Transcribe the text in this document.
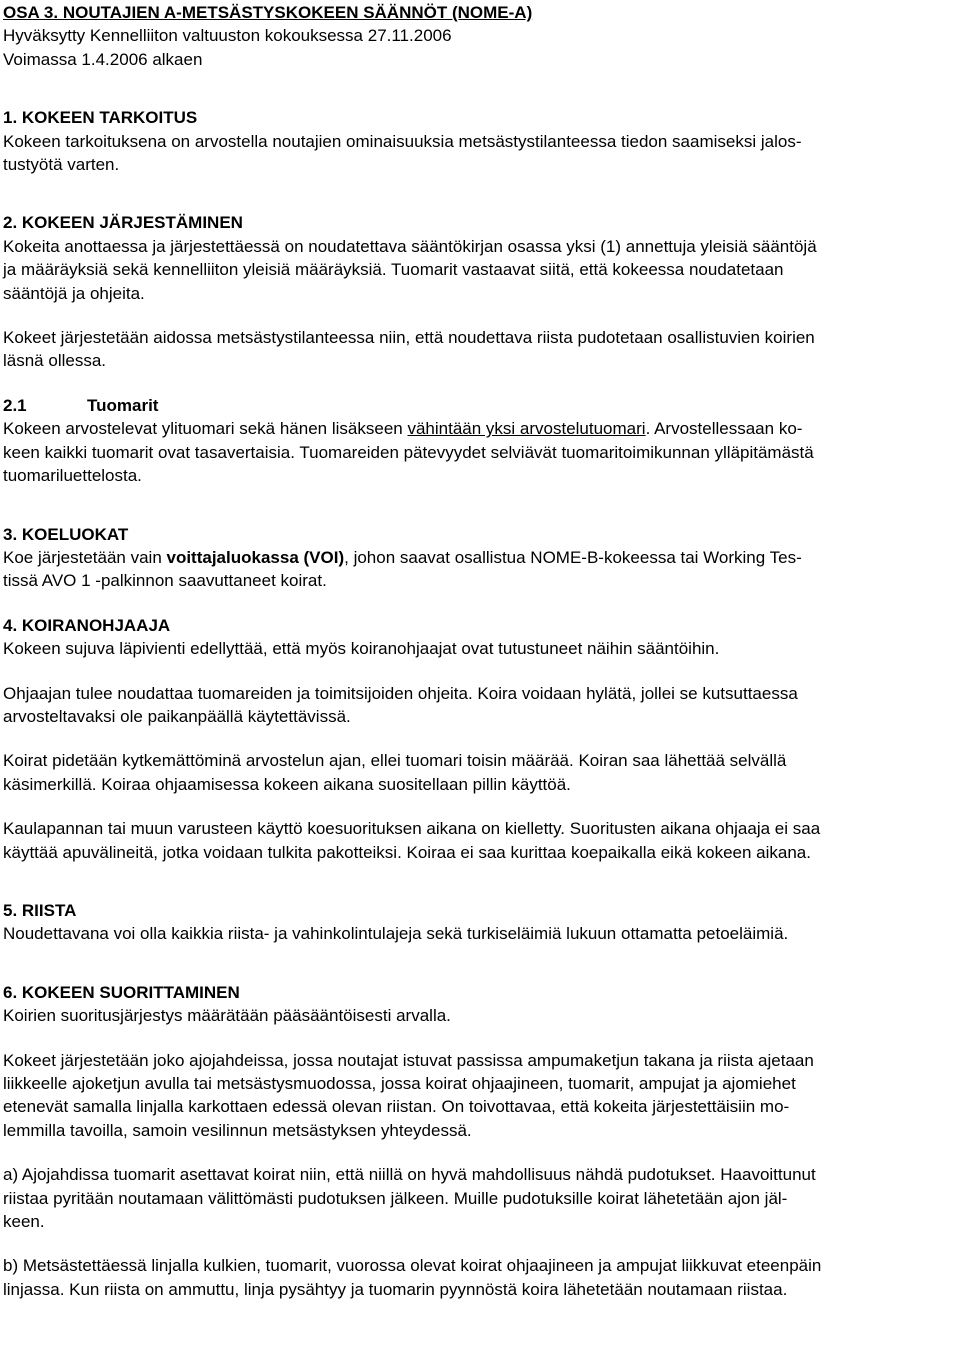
OSA 3. NOUTAJIEN A-METSÄSTYSKOKEEN SÄÄNNÖT (NOME-A)
Hyväksytty Kennelliiton valtuuston kokouksessa 27.11.2006
Voimassa 1.4.2006 alkaen
1. KOKEEN TARKOITUS
Kokeen tarkoituksena on arvostella noutajien ominaisuuksia metsästystilanteessa tiedon saamiseksi jalos-
tustyötä varten.
2. KOKEEN JÄRJESTÄMINEN
Kokeita anottaessa ja järjestettäessä on noudatettava sääntökirjan osassa yksi (1) annettuja yleisiä sääntöjä
ja määräyksiä sekä kennelliiton yleisiä määräyksiä. Tuomarit vastaavat siitä, että kokeessa noudatetaan
sääntöjä ja ohjeita.
Kokeet järjestetään aidossa metsästystilanteessa niin, että noudettava riista pudotetaan osallistuvien koirien
läsnä ollessa.
2.1	Tuomarit
Kokeen arvostelevat ylituomari sekä hänen lisäkseen vähintään yksi arvostelutuomari. Arvostellessaan ko-
keen kaikki tuomarit ovat tasavertaisia. Tuomareiden pätevyydet selviävät tuomaritoimikunnan ylläpitämästä
tuomariluettelosta.
3. KOELUOKAT
Koe järjestetään vain voittajaluokassa (VOI), johon saavat osallistua NOME-B-kokeessa tai Working Tes-
tissä AVO 1 -palkinnon saavuttaneet koirat.
4. KOIRANOHJAAJA
Kokeen sujuva läpivienti edellyttää, että myös koiranohjaajat ovat tutustuneet näihin sääntöihin.
Ohjaajan tulee noudattaa tuomareiden ja toimitsijoiden ohjeita. Koira voidaan hylätä, jollei se kutsuttaessa
arvosteltavaksi ole paikanpäällä käytettävissä.
Koirat pidetään kytkemättöminä arvostelun ajan, ellei tuomari toisin määrää. Koiran saa lähettää selvällä
käsimerkillä. Koiraa ohjaamisessa kokeen aikana suositellaan pillin käyttöä.
Kaulapannan tai muun varusteen käyttö koesuorituksen aikana on kielletty. Suoritusten aikana ohjaaja ei saa
käyttää apuvälineitä, jotka voidaan tulkita pakotteiksi. Koiraa ei saa kurittaa koepaikalla eikä kokeen aikana.
5. RIISTA
Noudettavana voi olla kaikkia riista- ja vahinkolintulajeja sekä turkiseläimiä lukuun ottamatta petoeläimiä.
6. KOKEEN SUORITTAMINEN
Koirien suoritusjärjestys määrätään pääsääntöisesti arvalla.
Kokeet järjestetään joko ajojahdeissa, jossa noutajat istuvat passissa ampumaketjun takana ja riista ajetaan
liikkeelle ajoketjun avulla tai metsästysmuodossa, jossa koirat ohjaajineen, tuomarit, ampujat ja ajomiehet
etenevät samalla linjalla karkottaen edessä olevan riistan. On toivottavaa, että kokeita järjestettäisiin mo-
lemmilla tavoilla, samoin vesilinnun metsästyksen yhteydessä.
a) Ajojahdissa tuomarit asettavat koirat niin, että niillä on hyvä mahdollisuus nähdä pudotukset. Haavoittunut
riistaa pyritään noutamaan välittömästi pudotuksen jälkeen. Muille pudotuksille koirat lähetetään ajon jäl-
keen.
b) Metsästettäessä linjalla kulkien, tuomarit, vuorossa olevat koirat ohjaajineen ja ampujat liikkuvat eteenpäin
linjassa. Kun riista on ammuttu, linja pysähtyy ja tuomarin pyynnöstä koira lähetetään noutamaan riistaa.
